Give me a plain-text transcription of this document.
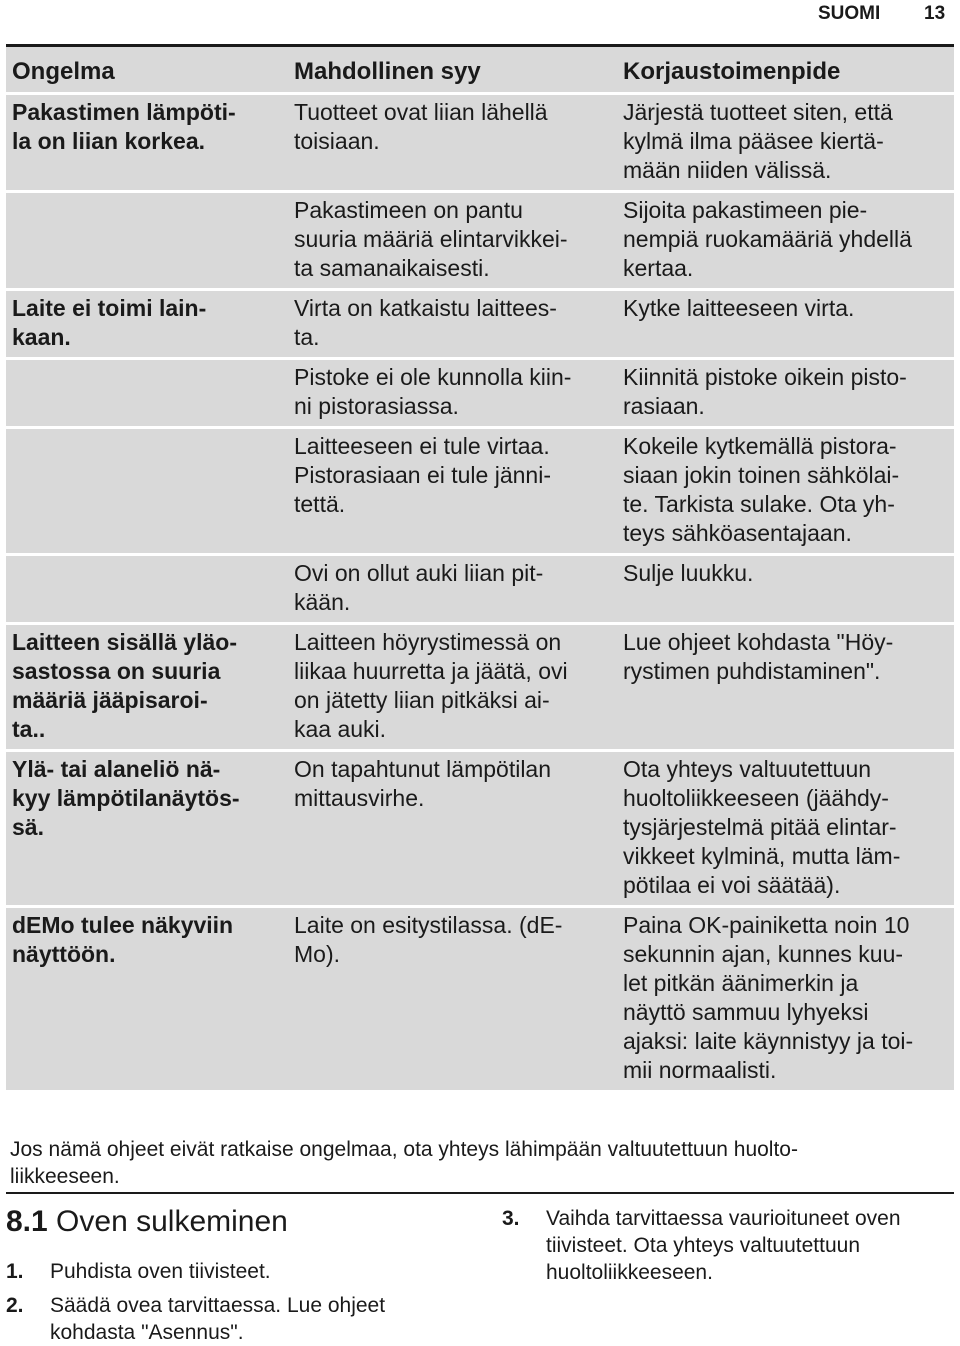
SUOMI 13
Ongelma	Mahdollinen syy	Korjaustoimenpide
Pakastimen lämpöti-
la on liian korkea.
Tuotteet ovat liian lähellä
toisiaan.
Järjestä tuotteet siten, että
kylmä ilma pääsee kiertä-
mään niiden välissä.
Pakastimeen on pantu
suuria määriä elintarvikkei-
ta samanaikaisesti.
Sijoita pakastimeen pie-
nempiä ruokamääriä yhdellä
kertaa.
Laite ei toimi lain-
kaan.
Virta on katkaistu laittees-
ta.
Kytke laitteeseen virta.
Pistoke ei ole kunnolla kiin-
ni pistorasiassa.
Kiinnitä pistoke oikein pisto-
rasiaan.
Laitteeseen ei tule virtaa.
Pistorasiaan ei tule jänni-
tettä.
Kokeile kytkemällä pistora-
siaan jokin toinen sähkölai-
te. Tarkista sulake. Ota yh-
teys sähköasentajaan.
Ovi on ollut auki liian pit-
kään.
Sulje luukku.
Laitteen sisällä yläo-
sastossa on suuria
määriä jääpisaroi-
ta..
Laitteen höyrystimessä on
liikaa huurretta ja jäätä, ovi
on jätetty liian pitkäksi ai-
kaa auki.
Lue ohjeet kohdasta "Höy-
rystimen puhdistaminen".
Ylä- tai alaneliö nä-
kyy lämpötilanäytös-
sä.
On tapahtunut lämpötilan
mittausvirhe.
Ota yhteys valtuutettuun
huoltoliikkeeseen (jäähdy-
tysjärjestelmä pitää elintar-
vikkeet kylminä, mutta läm-
pötilaa ei voi säätää).
dEMo tulee näkyviin
näyttöön.
Laite on esitystilassa. (dE-
Mo).
Paina OK-painiketta noin 10
sekunnin ajan, kunnes kuu-
let pitkän äänimerkin ja
näyttö sammuu lyhyeksi
ajaksi: laite käynnistyy ja toi-
mii normaalisti.
Jos nämä ohjeet eivät ratkaise ongelmaa, ota yhteys lähimpään valtuutettuun huolto-
liikkeeseen.
8.1 Oven sulkeminen

1. Puhdista oven tiivisteet.

2. Säädä ovea tarvittaessa. Lue ohjeet
kohdasta "Asennus".

3. Vaihda tarvittaessa vaurioituneet oven
tiivisteet. Ota yhteys valtuutettuun
huoltoliikkeeseen.
